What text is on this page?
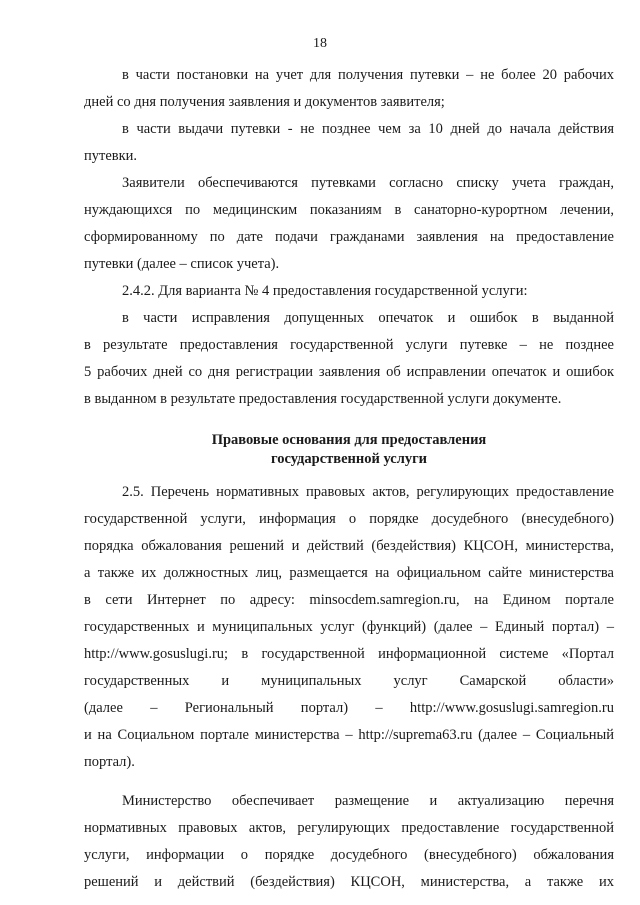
18
в части постановки на учет для получения путевки – не более 20 рабочих
дней со дня получения заявления и документов заявителя;
в части выдачи путевки - не позднее чем за 10 дней до начала действия
путевки.
Заявители обеспечиваются путевками согласно списку учета граждан,
нуждающихся по медицинским показаниям в санаторно-курортном лечении,
сформированному по дате подачи гражданами заявления на предоставление
путевки (далее – список учета).
2.4.2. Для варианта № 4 предоставления государственной услуги:
в части исправления допущенных опечаток и ошибок в выданной
в результате предоставления государственной услуги путевке – не позднее
5 рабочих дней со дня регистрации заявления об исправлении опечаток и ошибок
в выданном в результате предоставления государственной услуги документе.
Правовые основания для предоставления
государственной услуги
2.5. Перечень нормативных правовых актов, регулирующих предоставление
государственной услуги, информация о порядке досудебного (внесудебного)
порядка обжалования решений и действий (бездействия) КЦСОН, министерства,
а также их должностных лиц, размещается на официальном сайте министерства
в сети Интернет по адресу: minsocdem.samregion.ru, на Едином портале
государственных и муниципальных услуг (функций) (далее – Единый портал) –
http://www.gosuslugi.ru; в государственной информационной системе «Портал
государственных и муниципальных услуг Самарской области»
(далее – Региональный портал) – http://www.gosuslugi.samregion.ru
и на Социальном портале министерства – http://suprema63.ru (далее – Социальный
портал).
Министерство обеспечивает размещение и актуализацию перечня
нормативных правовых актов, регулирующих предоставление государственной
услуги, информации о порядке досудебного (внесудебного) обжалования
решений и действий (бездействия) КЦСОН, министерства, а также их
